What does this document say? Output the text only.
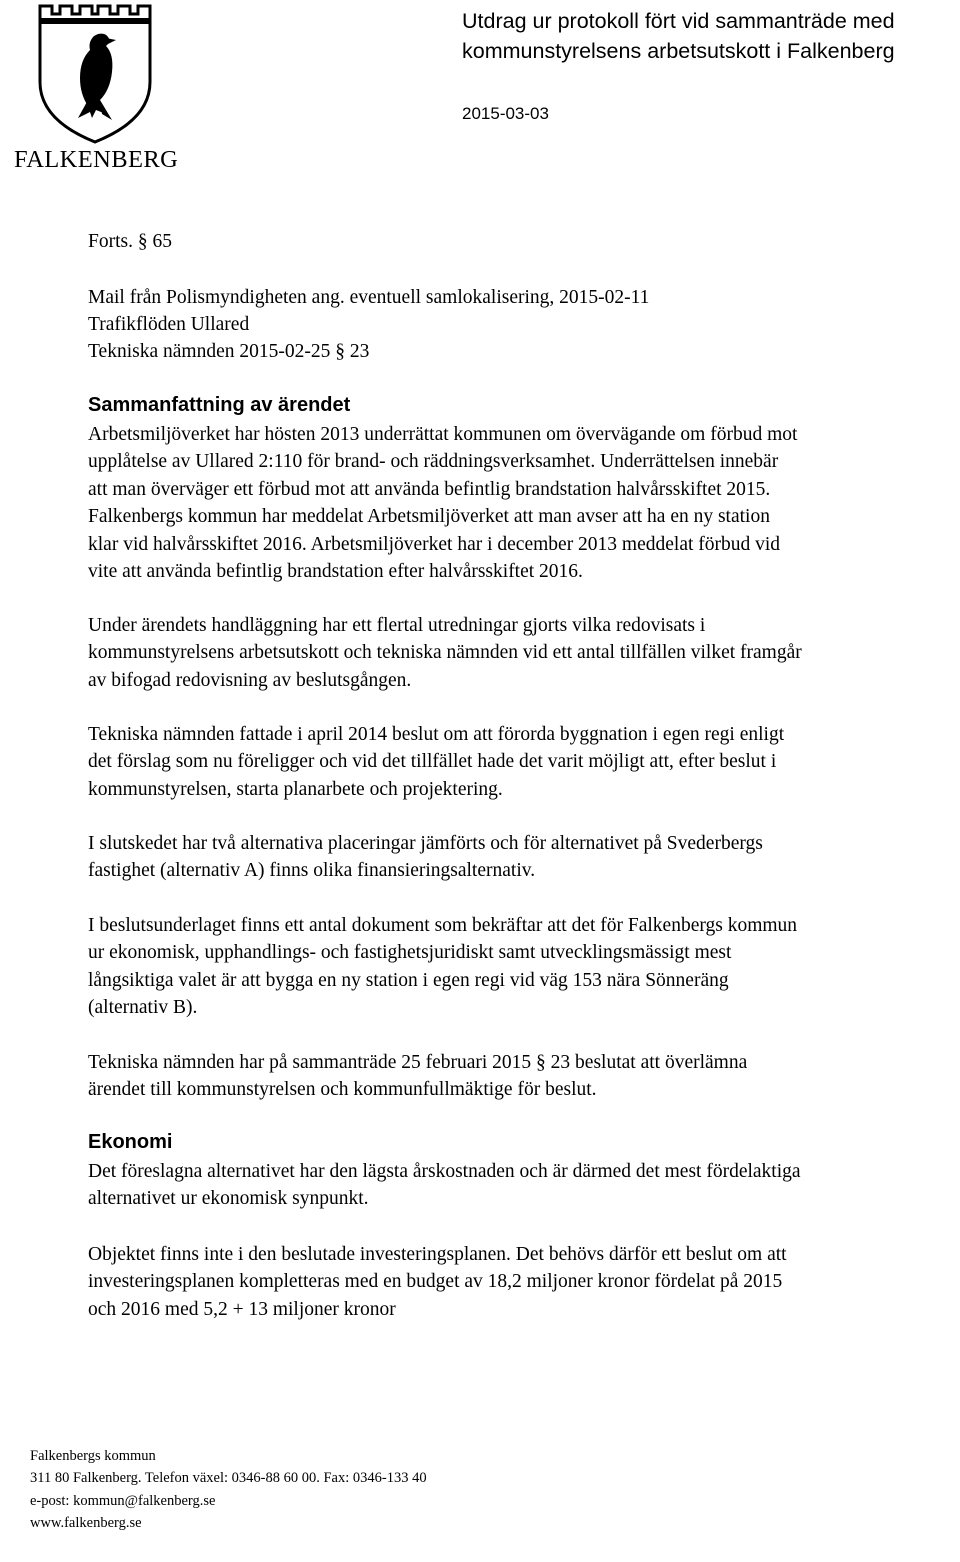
FALKENBERG
Utdrag ur protokoll fört vid sammanträde med
kommunstyrelsens arbetsutskott i Falkenberg
2015-03-03
Forts. § 65
Mail från Polismyndigheten ang. eventuell samlokalisering, 2015-02-11
Trafikflöden Ullared
Tekniska nämnden 2015-02-25 § 23
Sammanfattning av ärendet
Arbetsmiljöverket har hösten 2013 underrättat kommunen om övervägande om förbud mot
upplåtelse av Ullared 2:110 för brand- och räddningsverksamhet. Underrättelsen innebär
att man överväger ett förbud mot att använda befintlig brandstation halvårsskiftet 2015.
Falkenbergs kommun har meddelat Arbetsmiljöverket att man avser att ha en ny station
klar vid halvårsskiftet 2016. Arbetsmiljöverket har i december 2013 meddelat förbud vid
vite att använda befintlig brandstation efter halvårsskiftet 2016.
Under ärendets handläggning har ett flertal utredningar gjorts vilka redovisats i
kommunstyrelsens arbetsutskott och tekniska nämnden vid ett antal tillfällen vilket framgår
av bifogad redovisning av beslutsgången.
Tekniska nämnden fattade i april 2014 beslut om att förorda byggnation i egen regi enligt
det förslag som nu föreligger och vid det tillfället hade det varit möjligt att, efter beslut i
kommunstyrelsen, starta planarbete och projektering.
I slutskedet har två alternativa placeringar jämförts och för alternativet på Svederbergs
fastighet (alternativ A) finns olika finansieringsalternativ.
I beslutsunderlaget finns ett antal dokument som bekräftar att det för Falkenbergs kommun
ur ekonomisk, upphandlings- och fastighetsjuridiskt samt utvecklingsmässigt mest
långsiktiga valet är att bygga en ny station i egen regi vid väg 153 nära Sönneräng
(alternativ B).
Tekniska nämnden har på sammanträde 25 februari 2015 § 23 beslutat att överlämna
ärendet till kommunstyrelsen och kommunfullmäktige för beslut.
Ekonomi
Det föreslagna alternativet har den lägsta årskostnaden och är därmed det mest fördelaktiga
alternativet ur ekonomisk synpunkt.
Objektet finns inte i den beslutade investeringsplanen. Det behövs därför ett beslut om att
investeringsplanen kompletteras med en budget av 18,2 miljoner kronor fördelat på 2015
och 2016 med 5,2 + 13 miljoner kronor
Falkenbergs kommun
311 80 Falkenberg. Telefon växel: 0346-88 60 00. Fax: 0346-133 40
e-post: kommun@falkenberg.se
www.falkenberg.se
